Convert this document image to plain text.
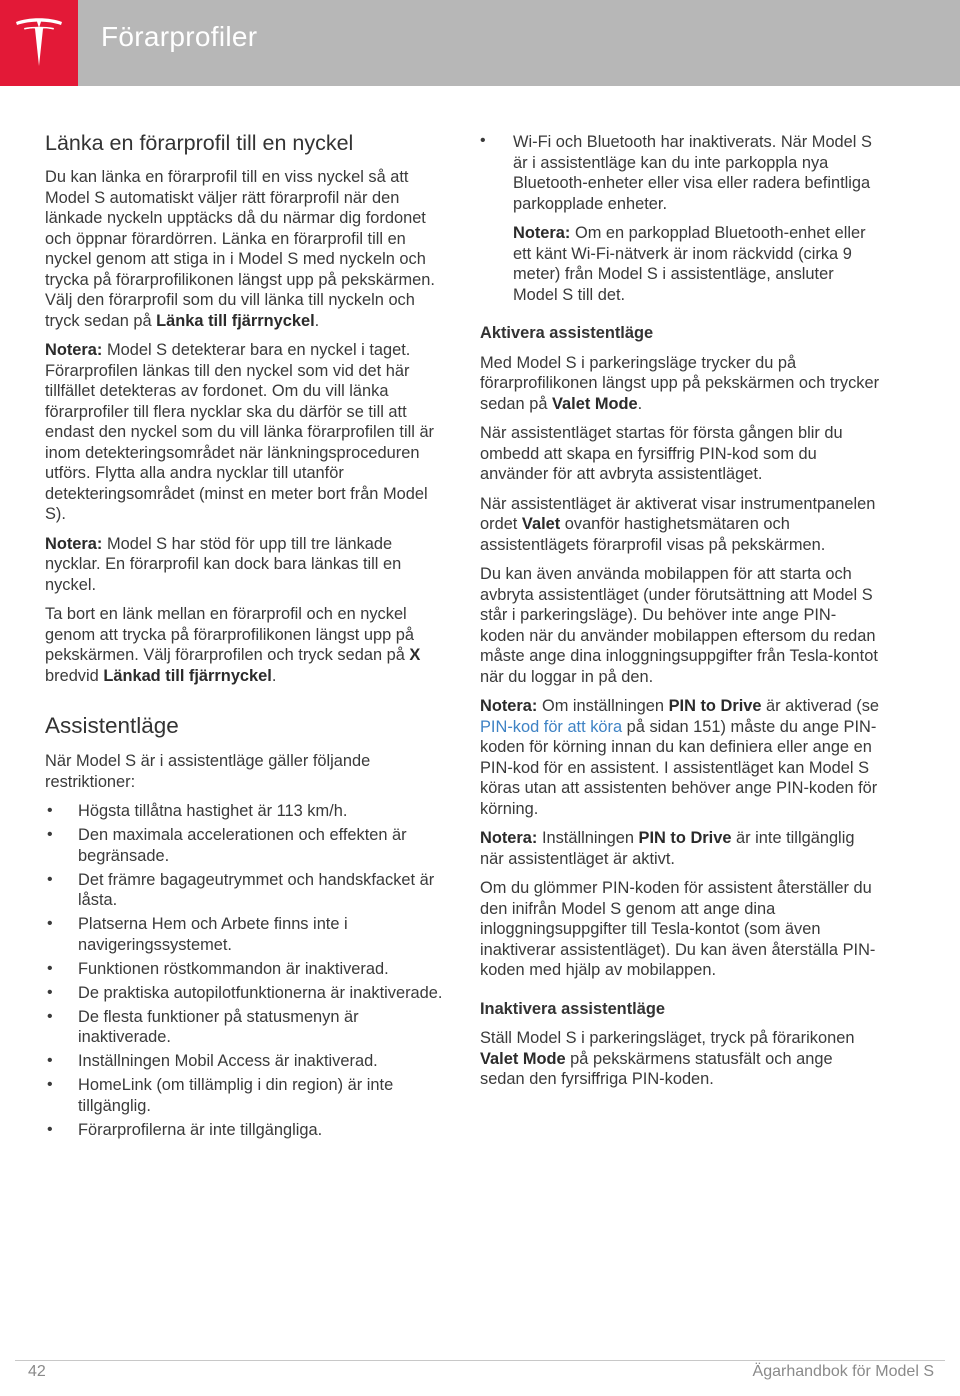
Förarprofiler
Länka en förarprofil till en nyckel

Du kan länka en förarprofil till en viss nyckel så att Model S automatiskt väljer rätt förarprofil när den länkade nyckeln upptäcks då du närmar dig fordonet och öppnar förardörren. Länka en förarprofil till en nyckel genom att stiga in i Model S med nyckeln och trycka på förarprofilikonen längst upp på pekskärmen. Välj den förarprofil som du vill länka till nyckeln och tryck sedan på Länka till fjärrnyckel.

Notera: Model S detekterar bara en nyckel i taget. Förarprofilen länkas till den nyckel som vid det här tillfället detekteras av fordonet. Om du vill länka förarprofiler till flera nycklar ska du därför se till att endast den nyckel som du vill länka förarprofilen till är inom detekteringsområdet när länkningsproceduren utförs. Flytta alla andra nycklar till utanför detekteringsområdet (minst en meter bort från Model S).

Notera: Model S har stöd för upp till tre länkade nycklar. En förarprofil kan dock bara länkas till en nyckel.

Ta bort en länk mellan en förarprofil och en nyckel genom att trycka på förarprofilikonen längst upp på pekskärmen. Välj förarprofilen och tryck sedan på X bredvid Länkad till fjärrnyckel.

Assistentläge

När Model S är i assistentläge gäller följande restriktioner:

• Högsta tillåtna hastighet är 113 km/h.
• Den maximala accelerationen och effekten är begränsade.
• Det främre bagageutrymmet och handskfacket är låsta.
• Platserna Hem och Arbete finns inte i navigeringssystemet.
• Funktionen röstkommandon är inaktiverad.
• De praktiska autopilotfunktionerna är inaktiverade.
• De flesta funktioner på statusmenyn är inaktiverade.
• Inställningen Mobil Access är inaktiverad.
• HomeLink (om tillämplig i din region) är inte tillgänglig.
• Förarprofilerna är inte tillgängliga.
• Wi-Fi och Bluetooth har inaktiverats. När Model S är i assistentläge kan du inte parkoppla nya Bluetooth-enheter eller visa eller radera befintliga parkopplade enheter.

Notera: Om en parkopplad Bluetooth-enhet eller ett känt Wi-Fi-nätverk är inom räckvidd (cirka 9 meter) från Model S i assistentläge, ansluter Model S till det.

Aktivera assistentläge

Med Model S i parkeringsläge trycker du på förarprofilikonen längst upp på pekskärmen och trycker sedan på Valet Mode.

När assistentläget startas för första gången blir du ombedd att skapa en fyrsiffrig PIN-kod som du använder för att avbryta assistentläget.

När assistentläget är aktiverat visar instrumentpanelen ordet Valet ovanför hastighetsmätaren och assistentlägets förarprofil visas på pekskärmen.

Du kan även använda mobilappen för att starta och avbryta assistentläget (under förutsättning att Model S står i parkeringsläge). Du behöver inte ange PIN-koden när du använder mobilappen eftersom du redan måste ange dina inloggningsuppgifter från Tesla-kontot när du loggar in på den.

Notera: Om inställningen PIN to Drive är aktiverad (se PIN-kod för att köra på sidan 151) måste du ange PIN-koden för körning innan du kan definiera eller ange en PIN-kod för en assistent. I assistentläget kan Model S köras utan att assistenten behöver ange PIN-koden för körning.

Notera: Inställningen PIN to Drive är inte tillgänglig när assistentläget är aktivt.

Om du glömmer PIN-koden för assistent återställer du den inifrån Model S genom att ange dina inloggningsuppgifter till Tesla-kontot (som även inaktiverar assistentläget). Du kan även återställa PIN-koden med hjälp av mobilappen.

Inaktivera assistentläge

Ställ Model S i parkeringsläget, tryck på förarikonen Valet Mode på pekskärmens statusfält och ange sedan den fyrsiffriga PIN-koden.

42	Ägarhandbok för Model S
